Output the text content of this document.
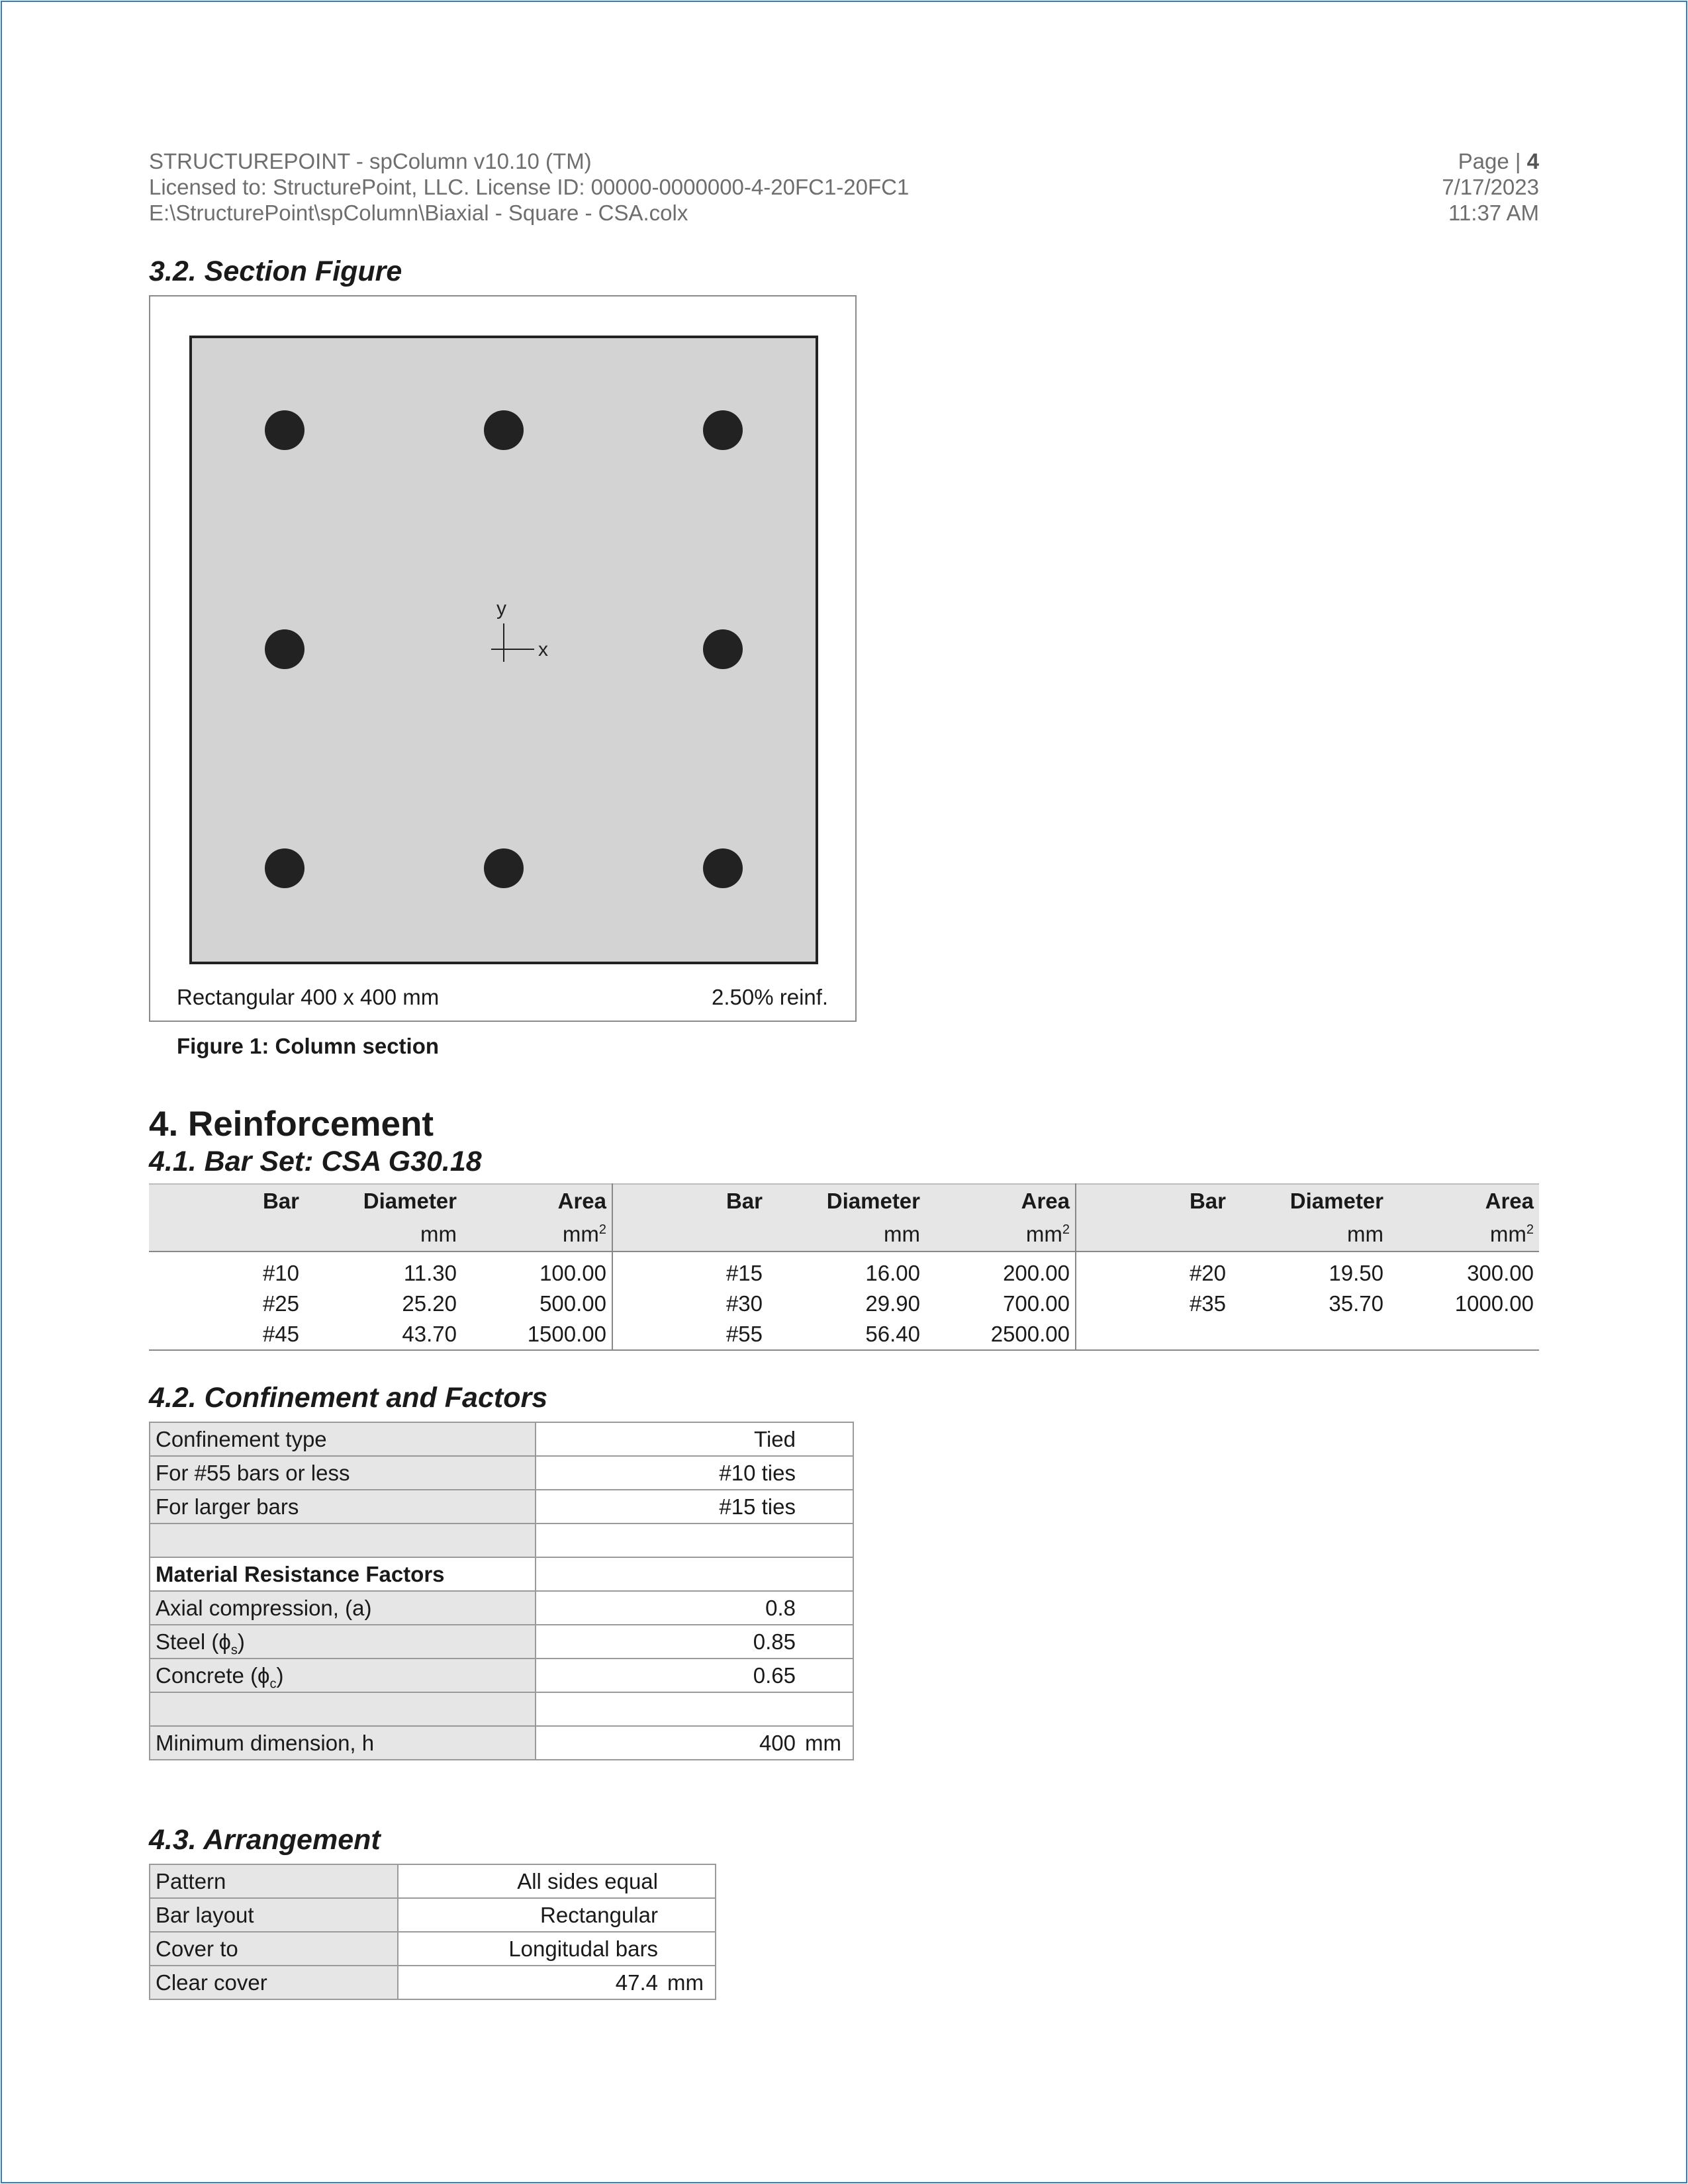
STRUCTUREPOINT - spColumn v10.10 (TM)
Licensed to: StructurePoint, LLC. License ID: 00000-0000000-4-20FC1-20FC1
E:\StructurePoint\spColumn\Biaxial - Square - CSA.colx
Page | 4
7/17/2023
11:37 AM
3.2. Section Figure
y
x
Rectangular 400 x 400 mm	2.50% reinf.
Figure 1: Column section
4. Reinforcement
4.1. Bar Set: CSA G30.18
Bar	Diameter	Area	Bar	Diameter	Area	Bar	Diameter	Area
	mm	$mm^2$		mm	$mm^2$		mm	$mm^2$

#10	11.30	100.00	#15	16.00	200.00	#20	19.50	300.00
#25	25.20	500.00	#30	29.90	700.00	#35	35.70	1000.00
#45	43.70	1500.00	#55	56.40	2500.00			
4.2. Confinement and Factors
Confinement type	Tied
For #55 bars or less	#10 ties
For larger bars	#15 ties

Material Resistance Factors	
Axial compression, (a)	0.8
Steel $(\phi_s)$	0.85
Concrete $(\phi_c)$	0.65

Minimum dimension, h	400 mm
4.3. Arrangement
Pattern	All sides equal
Bar layout	Rectangular
Cover to	Longitudal bars
Clear cover	47.4 mm
